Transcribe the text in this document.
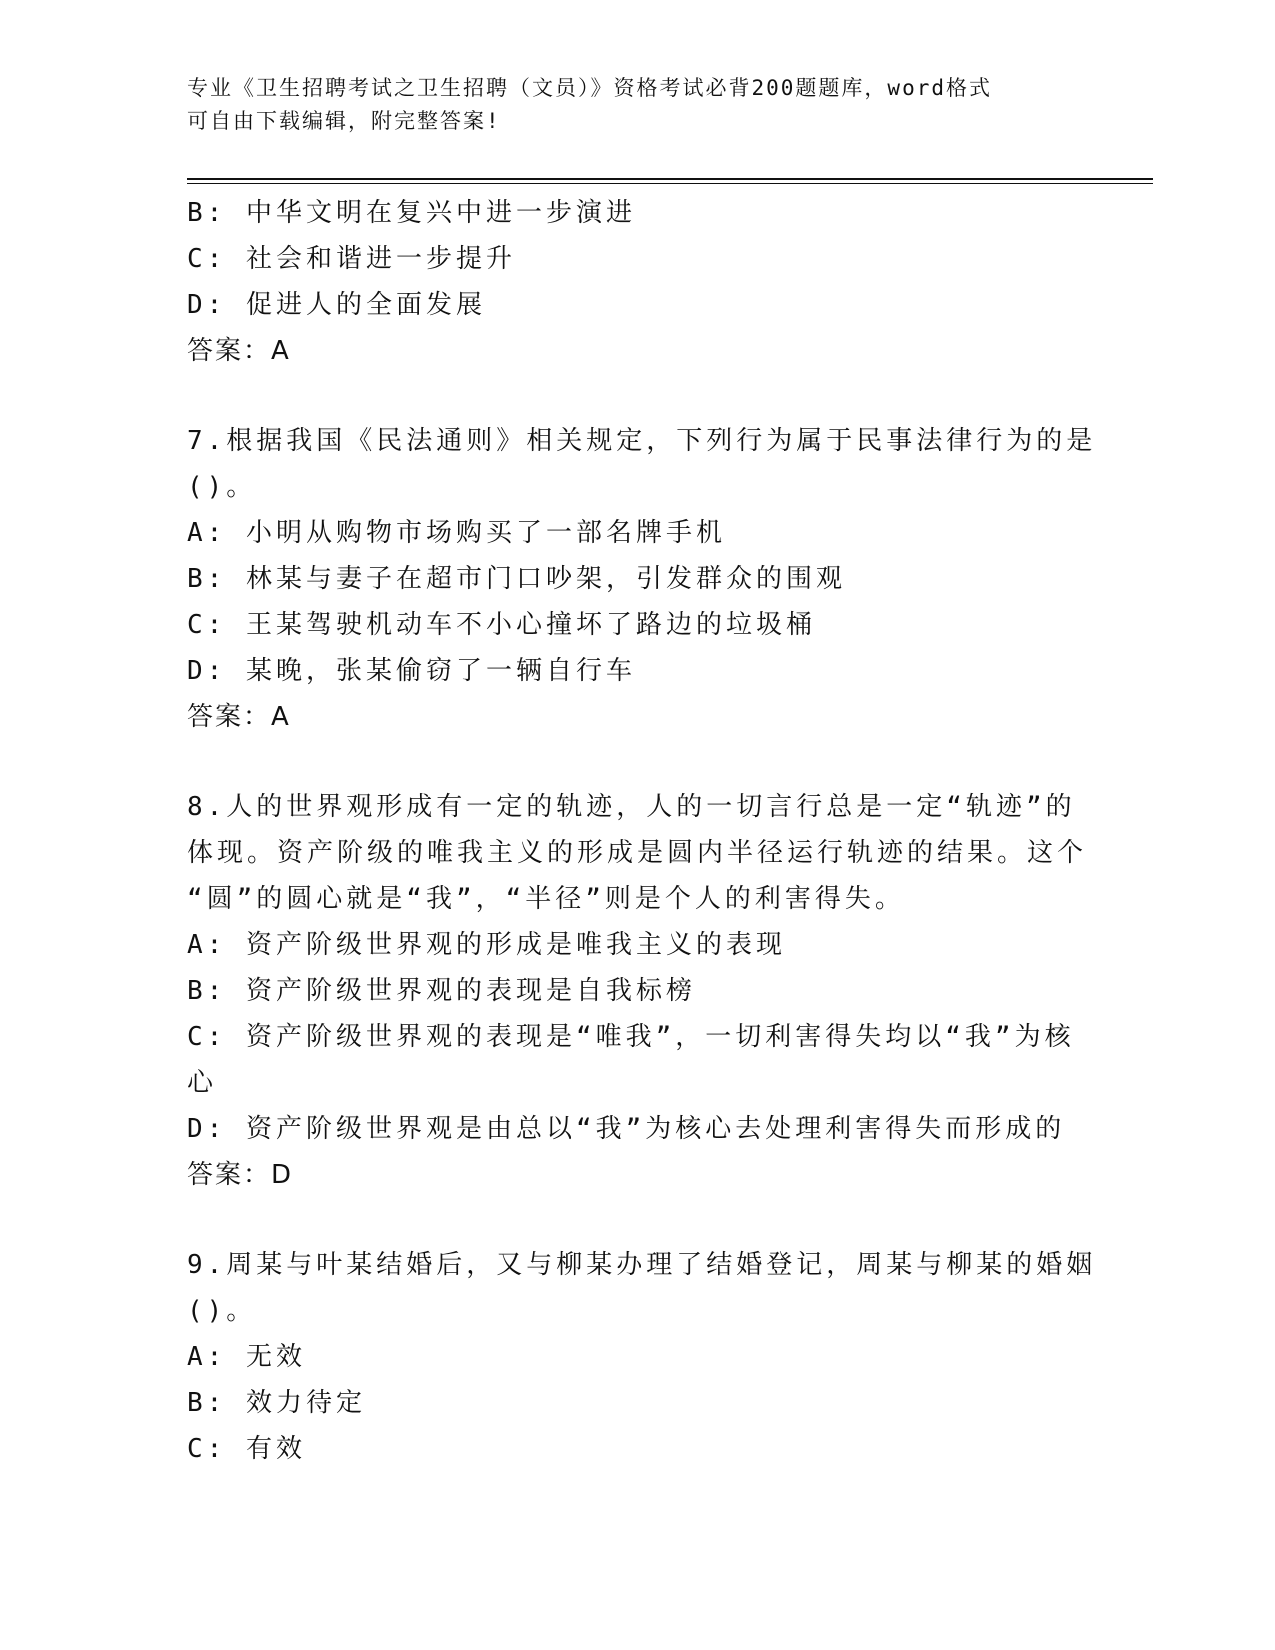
专业《卫生招聘考试之卫生招聘（文员）》资格考试必背200题题库，word格式
可自由下载编辑，附完整答案!
B: 中华文明在复兴中进一步演进
C: 社会和谐进一步提升
D: 促进人的全面发展
答案：A
7.根据我国《民法通则》相关规定，下列行为属于民事法律行为的是
()。
A: 小明从购物市场购买了一部名牌手机
B: 林某与妻子在超市门口吵架，引发群众的围观
C: 王某驾驶机动车不小心撞坏了路边的垃圾桶
D: 某晚，张某偷窃了一辆自行车
答案：A
8.人的世界观形成有一定的轨迹，人的一切言行总是一定“轨迹”的
体现。资产阶级的唯我主义的形成是圆内半径运行轨迹的结果。这个
“圆”的圆心就是“我”，“半径”则是个人的利害得失。
A: 资产阶级世界观的形成是唯我主义的表现
B: 资产阶级世界观的表现是自我标榜
C: 资产阶级世界观的表现是“唯我”，一切利害得失均以“我”为核
心
D: 资产阶级世界观是由总以“我”为核心去处理利害得失而形成的
答案：D
9.周某与叶某结婚后，又与柳某办理了结婚登记，周某与柳某的婚姻
()。
A: 无效
B: 效力待定
C: 有效
